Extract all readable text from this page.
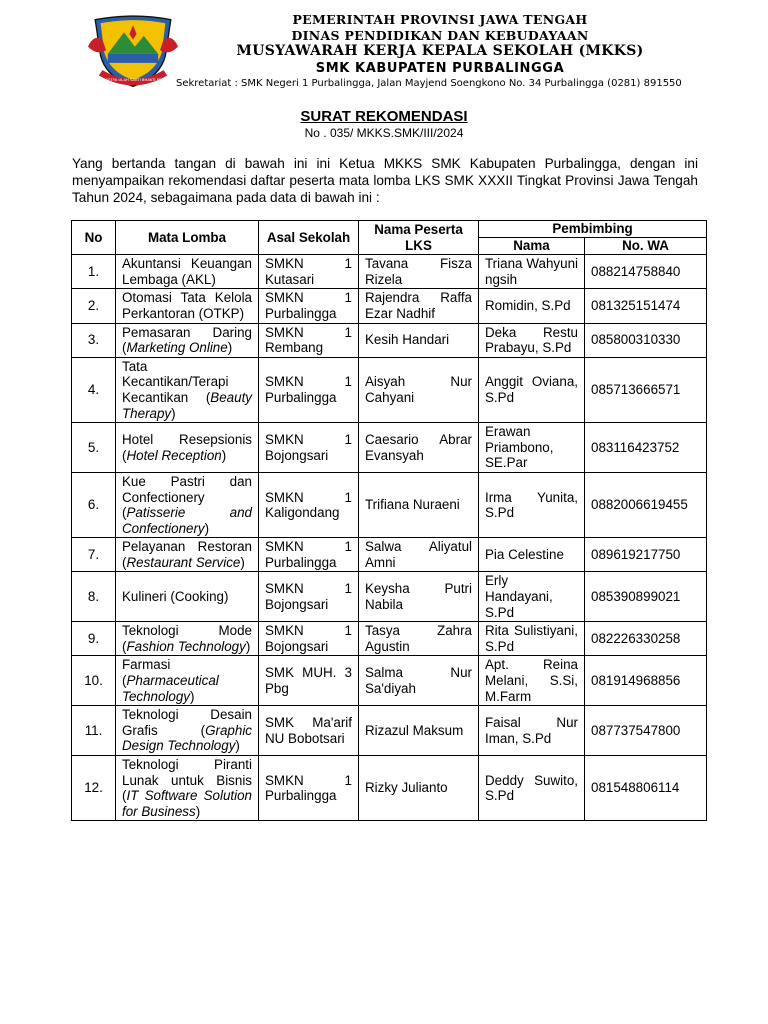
PRASETYA ULAH SAKTI BHAKTI PRAJA
PEMERINTAH PROVINSI JAWA TENGAH
DINAS PENDIDIKAN DAN KEBUDAYAAN
MUSYAWARAH KERJA KEPALA SEKOLAH (MKKS)
SMK KABUPATEN PURBALINGGA
Sekretariat : SMK Negeri 1 Purbalingga, Jalan Mayjend Soengkono No. 34 Purbalingga (0281) 891550
SURAT REKOMENDASI
No . 035/ MKKS.SMK/III/2024
Yang bertanda tangan di bawah ini ini Ketua MKKS SMK Kabupaten Purbalingga, dengan ini menyampaikan rekomendasi daftar peserta mata lomba LKS SMK XXXII Tingkat Provinsi Jawa Tengah Tahun 2024, sebagaimana pada data di bawah ini :
No	Mata Lomba	Asal Sekolah	Nama Peserta LKS	Pembimbing	
				Nama	No. WA
1.	Akuntansi Keuangan Lembaga (AKL)	SMKN 1 Kutasari	Tavana Fisza Rizela	Triana Wahyuningsih	088214758840
2.	Otomasi Tata Kelola Perkantoran (OTKP)	SMKN 1 Purbalingga	Rajendra Raffa Ezar Nadhif	Romidin, S.Pd	081325151474
3.	Pemasaran Daring (Marketing Online)	SMKN 1 Rembang	Kesih Handari	Deka Restu Prabayu, S.Pd	085800310330
4.	Tata Kecantikan/Terapi Kecantikan (Beauty Therapy)	SMKN 1 Purbalingga	Aisyah Nur Cahyani	Anggit Oviana, S.Pd	085713666571
5.	Hotel Resepsionis (Hotel Reception)	SMKN 1 Bojongsari	Caesario Abrar Evansyah	Erawan Priambono, SE.Par	083116423752
6.	Kue Pastri dan Confectionery (Patisserie and Confectionery)	SMKN 1 Kaligondang	Trifiana Nuraeni	Irma Yunita, S.Pd	0882006619455
7.	Pelayanan Restoran (Restaurant Service)	SMKN 1 Purbalingga	Salwa Aliyatul Amni	Pia Celestine	089619217750
8.	Kulineri (Cooking)	SMKN 1 Bojongsari	Keysha Putri Nabila	Erly Handayani, S.Pd	085390899021
9.	Teknologi Mode (Fashion Technology)	SMKN 1 Bojongsari	Tasya Zahra Agustin	Rita Sulistiyani, S.Pd	082226330258
10.	Farmasi (Pharmaceutical Technology)	SMK MUH. 3 Pbg	Salma Nur Sa'diyah	Apt. Reina Melani, S.Si, M.Farm	081914968856
11.	Teknologi Desain Grafis (Graphic Design Technology)	SMK Ma'arif NU Bobotsari	Rizazul Maksum	Faisal Nur Iman, S.Pd	087737547800
12.	Teknologi Piranti Lunak untuk Bisnis (IT Software Solution for Business)	SMKN 1 Purbalingga	Rizky Julianto	Deddy Suwito, S.Pd	081548806114
